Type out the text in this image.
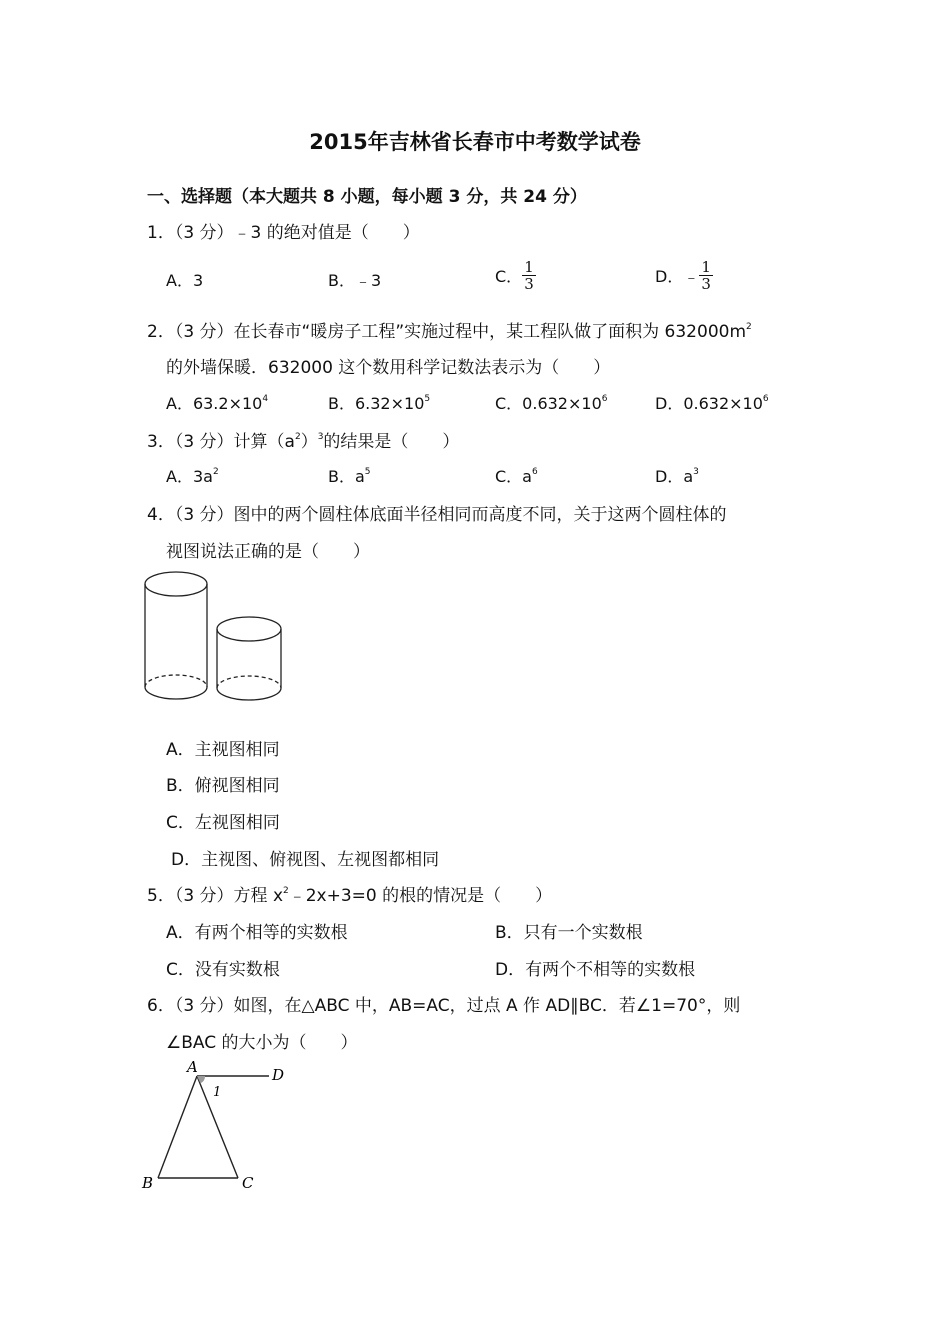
2015年吉林省长春市中考数学试卷
一、选择题（本大题共 8 小题，每小题 3 分，共 24 分）
1．（3 分）﹣3 的绝对值是（　　）
A．3	B．﹣3	C． $\frac{1}{3}$	D．﹣ $\frac{1}{3}$
2．（3 分）在长春市“暖房子工程”实施过程中，某工程队做了面积为 $632000m^2$
的外墙保暖．632000 这个数用科学记数法表示为（　　）
A．$63.2\times 10^4$	B．$6.32\times 10^5$	C．$0.632\times 10^6$	D．$0.632\times 10^6$
3．（3 分）计算$(a^2)^3$的结果是（　　）
A．$3a^2$	B．$a^5$	C．$a^6$	D．$a^3$
4．（3 分）图中的两个圆柱体底面半径相同而高度不同，关于这两个圆柱体的
视图说法正确的是（　　）
A．主视图相同
B．俯视图相同
C．左视图相同
D．主视图、俯视图、左视图都相同
5．（3 分）方程 $x^2﹣2x+3=0$ 的根的情况是（　　）
A．有两个相等的实数根	B．只有一个实数根
C．没有实数根	D．有两个不相等的实数根
6．（3 分）如图，在△ABC 中，AB=AC，过点 A 作 AD∥BC．若∠1=70°，则
∠BAC 的大小为（　　）
A	D
1
B	C
